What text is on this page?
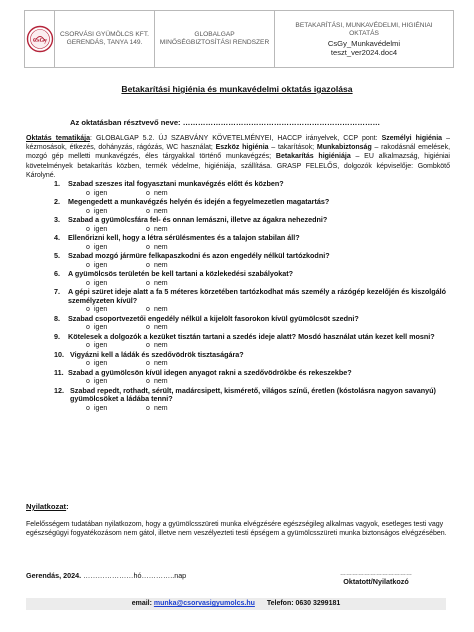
CsGy
CSORVÁSI GYÜMÖLCS KFT.
GERENDÁS, TANYA 149.
GLOBALGAP
MINŐSÉGBIZTOSÍTÁSI RENDSZER
BETAKARÍTÁSI, MUNKAVÉDELMI, HIGIÉNIAI
OKTATÁS
CsGy_Munkavédelmi
teszt_ver2024.doc4
Betakarítási higiénia és munkavédelmi oktatás igazolása
Az oktatásban résztvevő neve: ……………………………………………………………………
Oktatás tematikája: GLOBALGAP 5.2. ÚJ SZABVÁNY KÖVETELMÉNYEI, HACCP irányelvek, CCP pont: Személyi higiénia – kézmosások, étkezés, dohányzás, rágózás, WC használat; Eszköz higiénia – takarítások; Munkabiztonság – rakodásnál emelések, mozgó gép melletti munkavégzés, éles tárgyakkal történő munkavégzés; Betakarítás higiéniája – EU alkalmazság, higiéniai követelmények betakarítás közben, termék védelme, higiéniája, szállítása. GRASP FELELŐS, dolgozók képviselője: Gombkötő Károlyné.
1.	Szabad szeszes ital fogyasztani munkavégzés előtt és közben?
o igen	o nem
2.	Megengedett a munkavégzés helyén és idején a fegyelmezetlen magatartás?
o igen	o nem
3.	Szabad a gyümölcsfára fel- és onnan lemászni, illetve az ágakra nehezedni?
o igen	o nem
4.	Ellenőrizni kell, hogy a létra sérülésmentes és a talajon stabilan áll?
o igen	o nem
5.	Szabad mozgó jármüre felkapaszkodni és azon engedély nélkül tartózkodni?
o igen	o nem
6.	A gyümölcsös területén be kell tartani a közlekedési szabályokat?
o igen	o nem
7.	A gépi szüret ideje alatt a fa 5 méteres körzetében tartózkodhat más személy a rázógép kezelőjén és kiszolgáló személyzeten kívül?
o igen	o nem
8.	Szabad csoportvezetői engedély nélkül a kijelölt fasorokon kívül gyümölcsöt szedni?
o igen	o nem
9.	Kötelesek a dolgozók a kezüket tisztán tartani a szedés ideje alatt? Mosdó használat után kezet kell mosni?
o igen	o nem
10. Vigyázni kell a ládák és szedővödrök tisztaságára?
o igen	o nem
11. Szabad a gyümölcsön kívül idegen anyagot rakni a szedővödrökbe és rekeszekbe?
o igen	o nem
12. Szabad repedt, rothadt, sérült, madárcsipett, kismérető, világos színű, éretlen (kóstolásra nagyon savanyú) gyümölcsöket a ládába tenni?
o igen	o nem
Nyilatkozat:
Felelősségem tudatában nyilatkozom, hogy a gyümölcsszüreti munka elvégzésére egészségileg alkalmas vagyok, esetleges testi vagy egészségügyi fogyatékozásom nem gátol, illetve nem veszélyezteti testi épségem a gyümölcsszüreti munka biztonságos elvégzésében.
Gerendás, 2024. …………………hó…………..nap	………………………………
Oktatott/Nyilatkozó
email: munka@csorvasigyumolcs.hu Telefon: 0630 3299181
